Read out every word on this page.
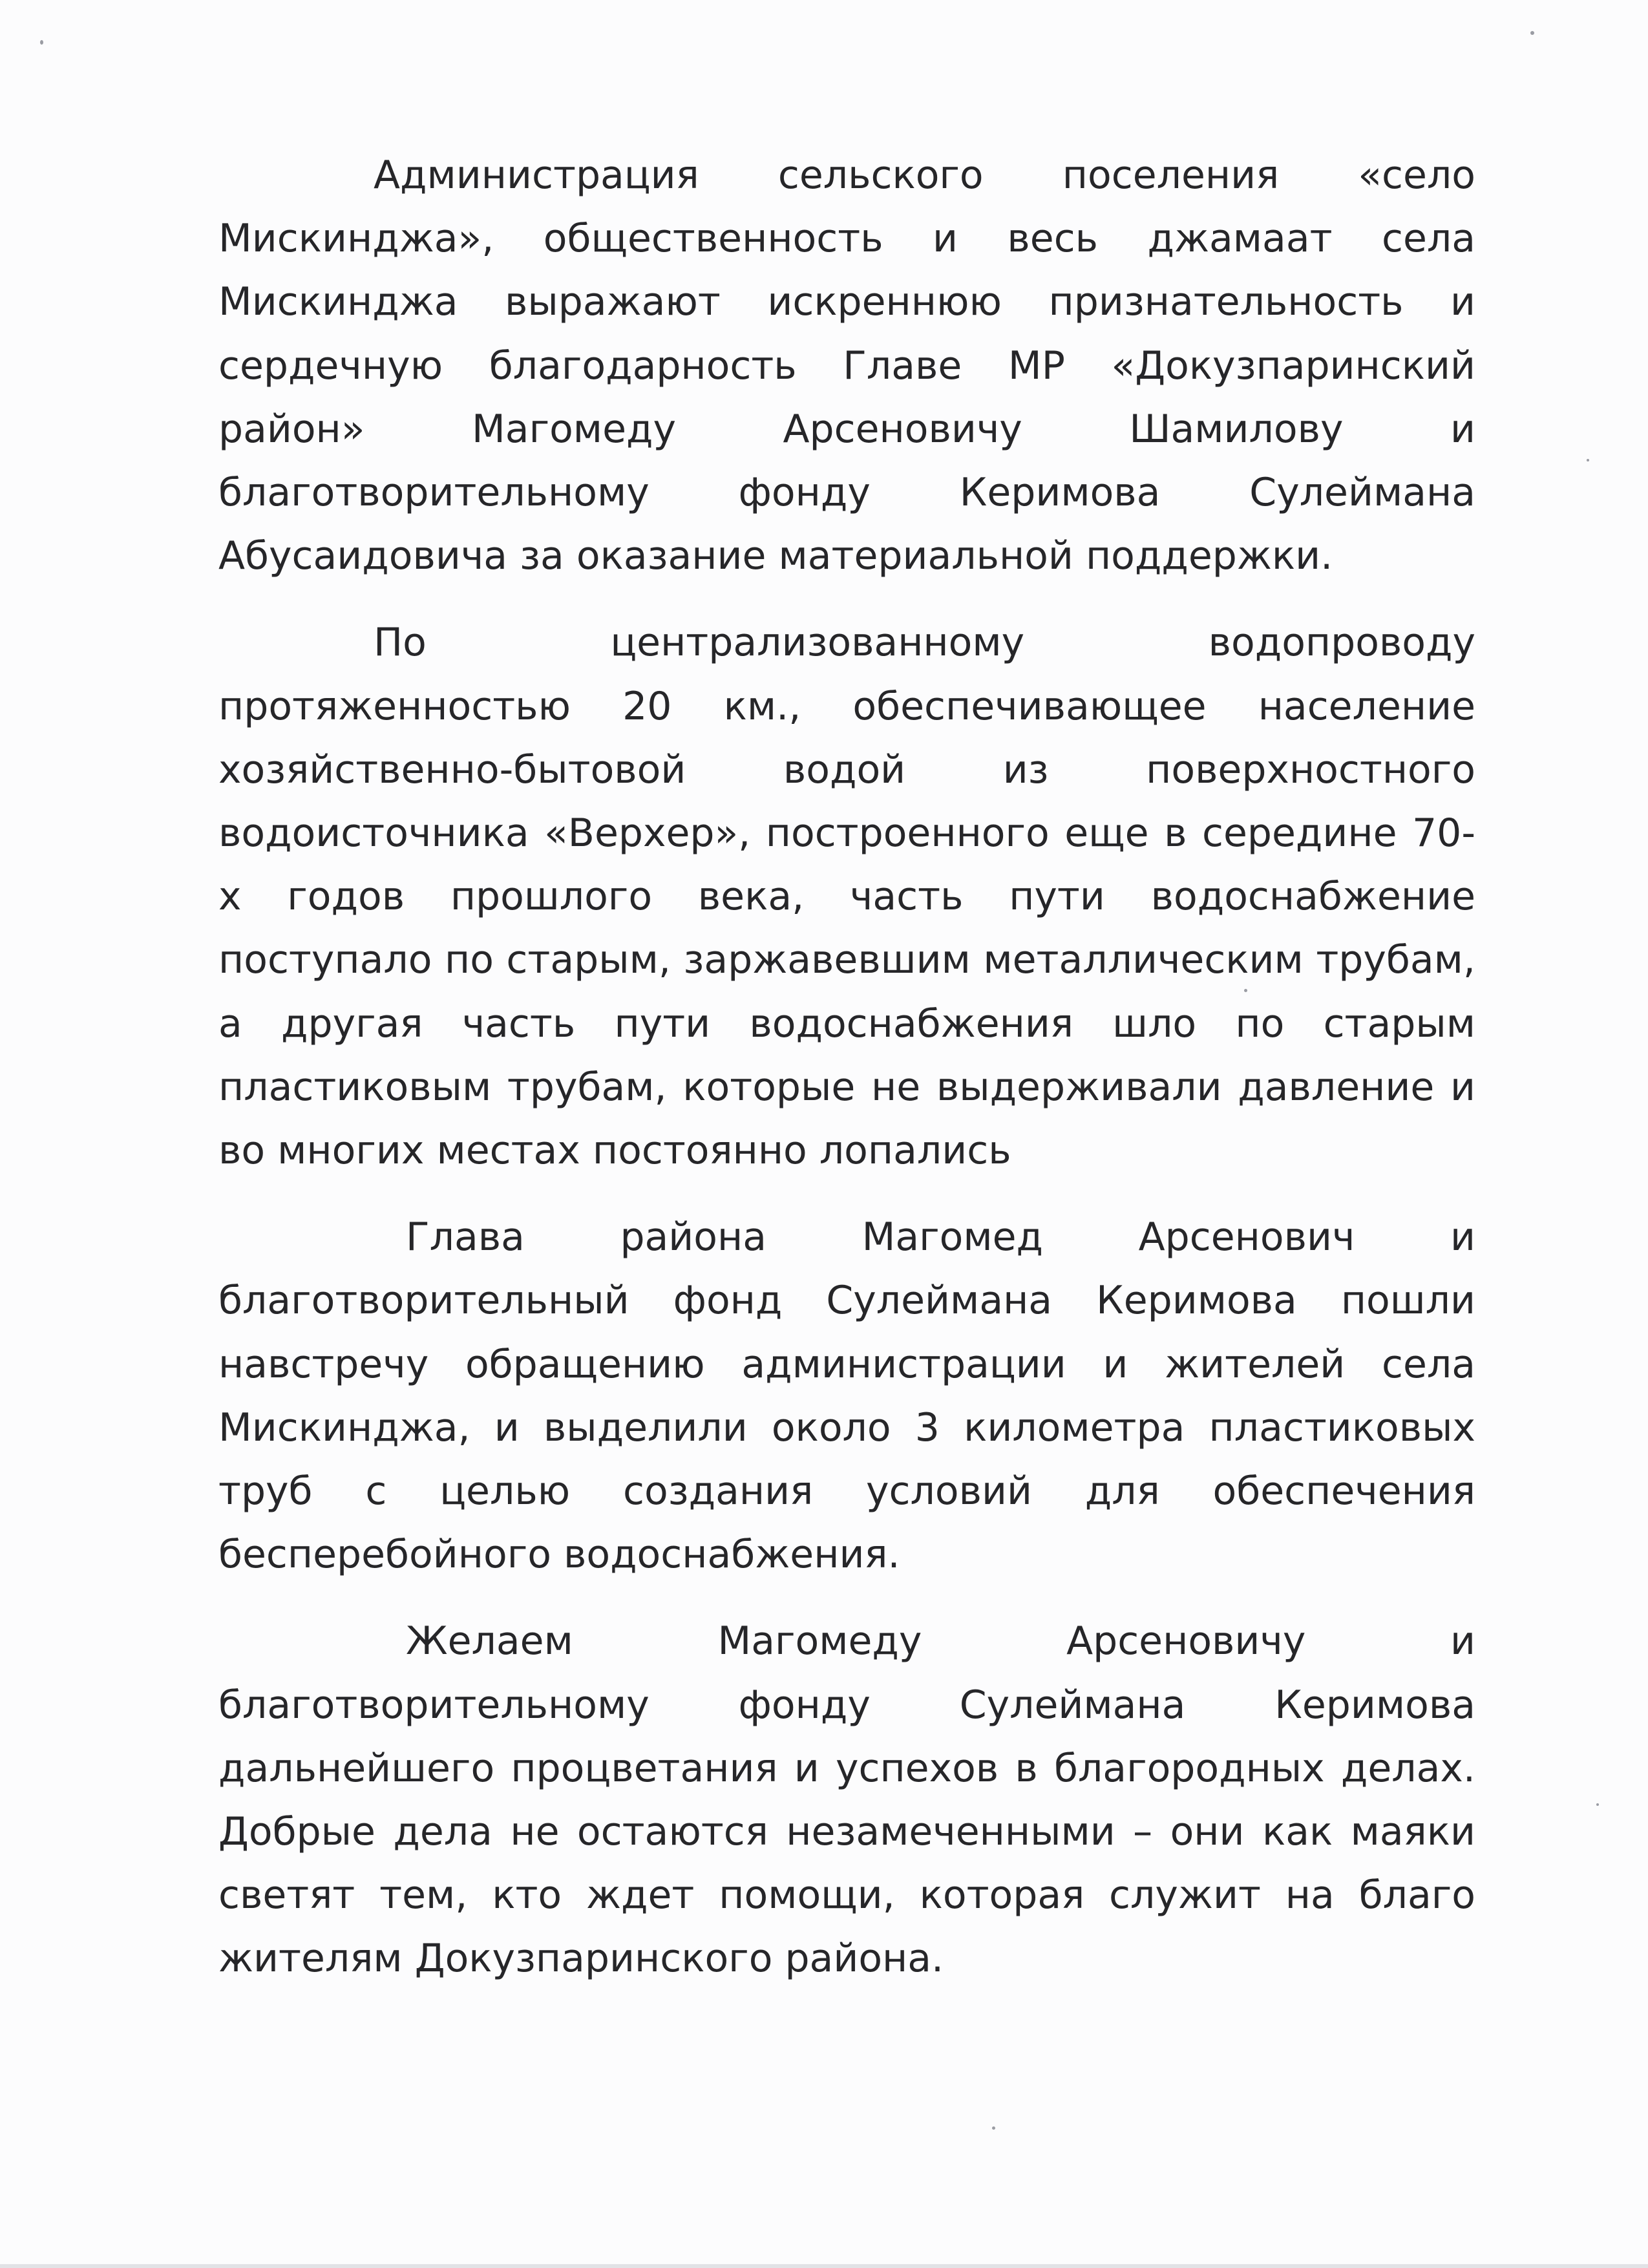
Администрация сельского поселения «село Мискинджа», общественность и весь джамаат села Мискинджа выражают искреннюю признательность и сердечную благодарность Главе МР «Докузпаринский район» Магомеду Арсеновичу Шамилову и благотворительному фонду Керимова Сулеймана Абусаидовича за оказание материальной поддержки.

По централизованному водопроводу протяженностью 20 км., обеспечивающее население хозяйственно-бытовой водой из поверхностного водоисточника «Верхер», построенного еще в середине 70-х годов прошлого века, часть пути водоснабжение поступало по старым, заржавевшим металлическим трубам, а другая часть пути водоснабжения шло по старым пластиковым трубам, которые не выдерживали давление и во многих местах постоянно лопались

Глава района Магомед Арсенович и благотворительный фонд Сулеймана Керимова пошли навстречу обращению администрации и жителей села Мискинджа, и выделили около 3 километра пластиковых труб с целью создания условий для обеспечения бесперебойного водоснабжения.

Желаем Магомеду Арсеновичу и благотворительному фонду Сулеймана Керимова дальнейшего процветания и успехов в благородных делах. Добрые дела не остаются незамеченными – они как маяки светят тем, кто ждет помощи, которая служит на благо жителям Докузпаринского района.
